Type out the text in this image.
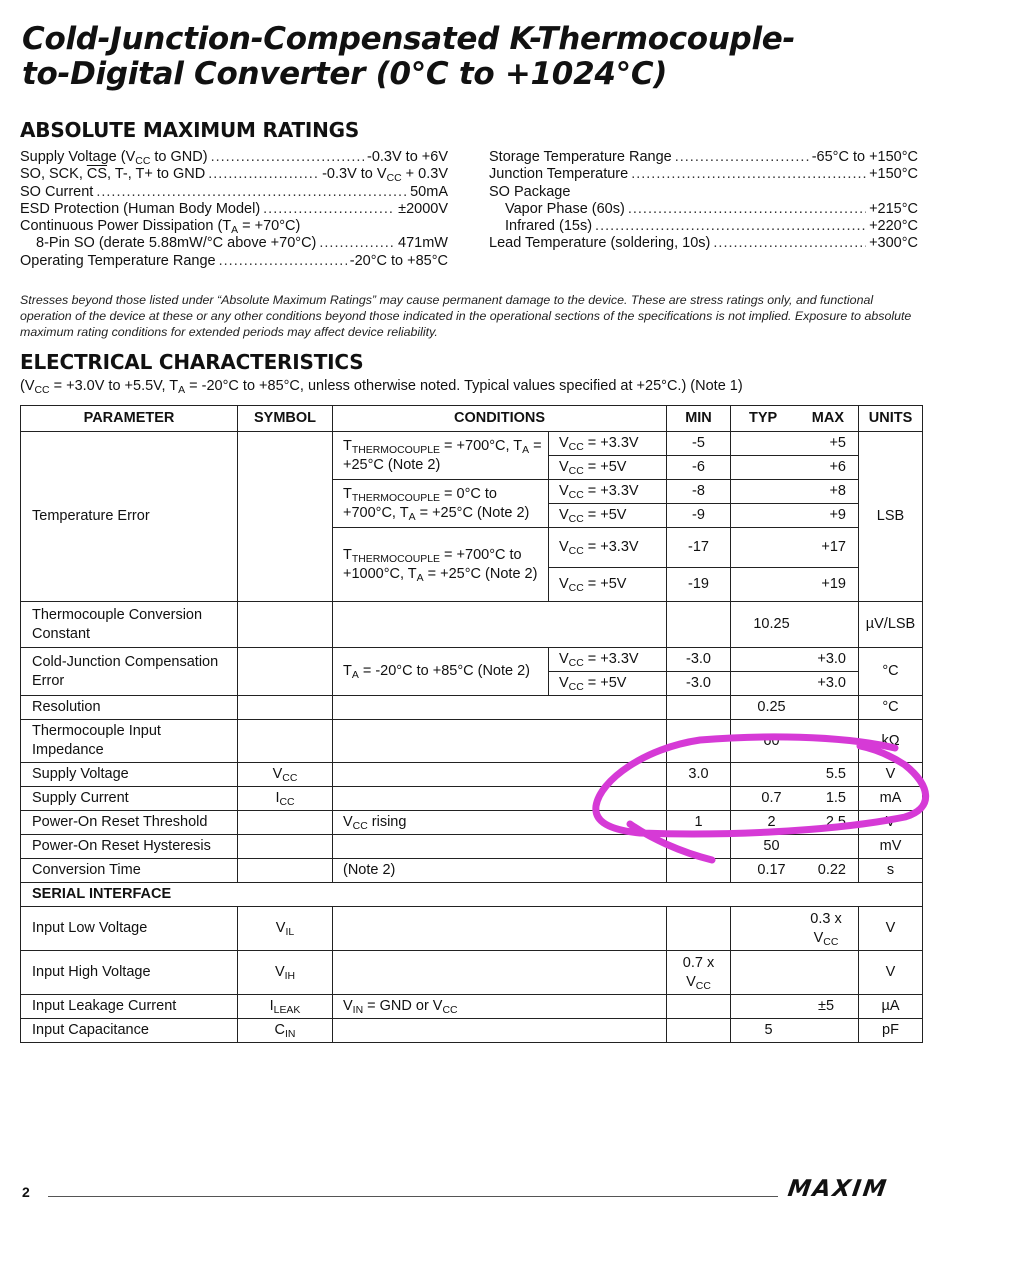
Cold-Junction-Compensated K-Thermocouple-
to-Digital Converter (0°C to +1024°C)
ABSOLUTE MAXIMUM RATINGS
Supply Voltage ($V_{CC}$ to GND) .....	-0.3V to +6V
SO, SCK, $\overline{CS}$, T-, T+ to GND .....	-0.3V to $V_{CC} + 0.3V$
SO Current .....	50mA
ESD Protection (Human Body Model) .....	±2000V
Continuous Power Dissipation $(T_A = +70^\circ C)$
8-Pin SO (derate 5.88mW/°C above +70°C) .....	471mW
Operating Temperature Range .....	-20°C to +85°C
Storage Temperature Range .....	-65°C to +150°C
Junction Temperature .....	+150°C
SO Package
Vapor Phase (60s) .....	+215°C
Infrared (15s) .....	+220°C
Lead Temperature (soldering, 10s) .....	+300°C

Stresses beyond those listed under “Absolute Maximum Ratings” may cause permanent damage to the device. These are stress ratings only, and functional operation of the device at these or any other conditions beyond those indicated in the operational sections of the specifications is not implied. Exposure to absolute maximum rating conditions for extended periods may affect device reliability.

ELECTRICAL CHARACTERISTICS

($V_{CC} = +3.0V$ to +5.5V, $T_A = -20^\circ C$ to +85°C, unless otherwise noted. Typical values specified at +25°C.) (Note 1)

PARAMETER	SYMBOL	CONDITIONS		MIN	TYP MAX	UNITS
Temperature Error		$T_{THERMOCOUPLE} = +700^\circ C$, $T_A = +25^\circ C$ (Note 2)	$V_{CC} = +3.3V$	-5	+5	LSB
			$V_{CC} = +5V$	-6	+6	

		$T_{THERMOCOUPLE} = 0^\circ C$ to +700°C, $T_A = +25^\circ C$ (Note 2)	$V_{CC} = +3.3V$	-8	+8	

			$V_{CC} = +5V$	-9	+9	

		$T_{THERMOCOUPLE} = +700^\circ C$ to +1000°C, $T_A = +25^\circ C$ (Note 2)	$V_{CC} = +3.3V$	-17	+17	

			$V_{CC} = +5V$	-19	+19	

Thermocouple Conversion Constant					10.25	µV/LSB
Cold-Junction Compensation Error		$T_A = -20^\circ C$ to +85°C (Note 2)	$V_{CC} = +3.3V$	-3.0	+3.0	°C
			$V_{CC} = +5V$	-3.0	+3.0	

Resolution					0.25	°C
Thermocouple Input Impedance					60	kΩ
Supply Voltage	$V_{CC}$			3.0	5.5	V
Supply Current	$I_{CC}$				0.7 1.5	mA
Power-On Reset Threshold		$V_{CC}$ rising		1	2 2.5	V
Power-On Reset Hysteresis					50	mV
Conversion Time		(Note 2)			0.17 0.22	s
SERIAL INTERFACE						
Input Low Voltage	$V_{IL}$				0.3 x
$V_{CC}$	V
Input High Voltage	$V_{IH}$			0.7 x
$V_{CC}$		V
Input Leakage Current	$I_{LEAK}$	$V_{IN}$ = GND or $V_{CC}$			±5	µA
Input Capacitance	$C_{IN}$				5	pF
2	MAXIM
